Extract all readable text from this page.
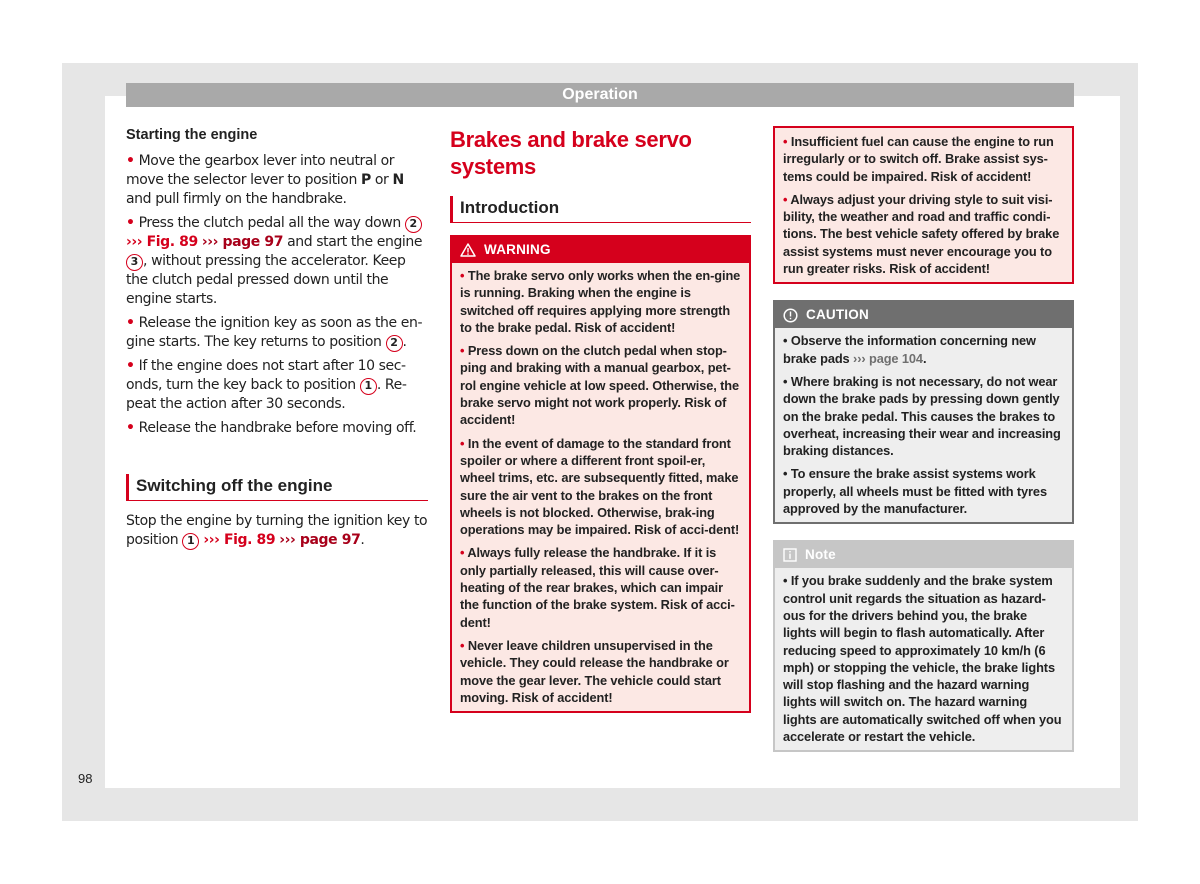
Operation
98
Starting the engine

• Move the gearbox lever into neutral or move the selector lever to position P or N and pull firmly on the handbrake.

• Press the clutch pedal all the way down 2 ››› Fig. 89 ››› page 97 and start the engine 3 , without pressing the accelerator. Keep the clutch pedal pressed down until the engine starts.

• Release the ignition key as soon as the en-gine starts. The key returns to position 2 .

• If the engine does not start after 10 sec-onds, turn the key back to position 1 . Re-peat the action after 30 seconds.

• Release the handbrake before moving off.

Switching off the engine

Stop the engine by turning the ignition key to position 1 ››› Fig. 89 ››› page 97.

Brakes and brake servo
systems
Introduction
WARNING

• The brake servo only works when the en-gine is running. Braking when the engine is switched off requires applying more strength to the brake pedal. Risk of accident!

• Press down on the clutch pedal when stop-ping and braking with a manual gearbox, pet-rol engine vehicle at low speed. Otherwise, the brake servo might not work properly. Risk of accident!

• In the event of damage to the standard front spoiler or where a different front spoil-er, wheel trims, etc. are subsequently fitted, make sure the air vent to the brakes on the front wheels is not blocked. Otherwise, brak-ing operations may be impaired. Risk of acci-dent!

• Always fully release the handbrake. If it is only partially released, this will cause over-heating of the rear brakes, which can impair the function of the brake system. Risk of acci-dent!

• Never leave children unsupervised in the vehicle. They could release the handbrake or move the gear lever. The vehicle could start moving. Risk of accident!

• Insufficient fuel can cause the engine to run irregularly or to switch off. Brake assist sys-tems could be impaired. Risk of accident!

• Always adjust your driving style to suit visi-bility, the weather and road and traffic condi-tions. The best vehicle safety offered by brake assist systems must never encourage you to run greater risks. Risk of accident!

CAUTION

• Observe the information concerning new brake pads ››› page 104.

• Where braking is not necessary, do not wear down the brake pads by pressing down gently on the brake pedal. This causes the brakes to overheat, increasing their wear and increasing braking distances.

• To ensure the brake assist systems work properly, all wheels must be fitted with tyres approved by the manufacturer.

Note

• If you brake suddenly and the brake system control unit regards the situation as hazard-ous for the drivers behind you, the brake lights will begin to flash automatically. After reducing speed to approximately 10 km/h (6 mph) or stopping the vehicle, the brake lights will stop flashing and the hazard warning lights will switch on. The hazard warning lights are automatically switched off when you accelerate or restart the vehicle.
